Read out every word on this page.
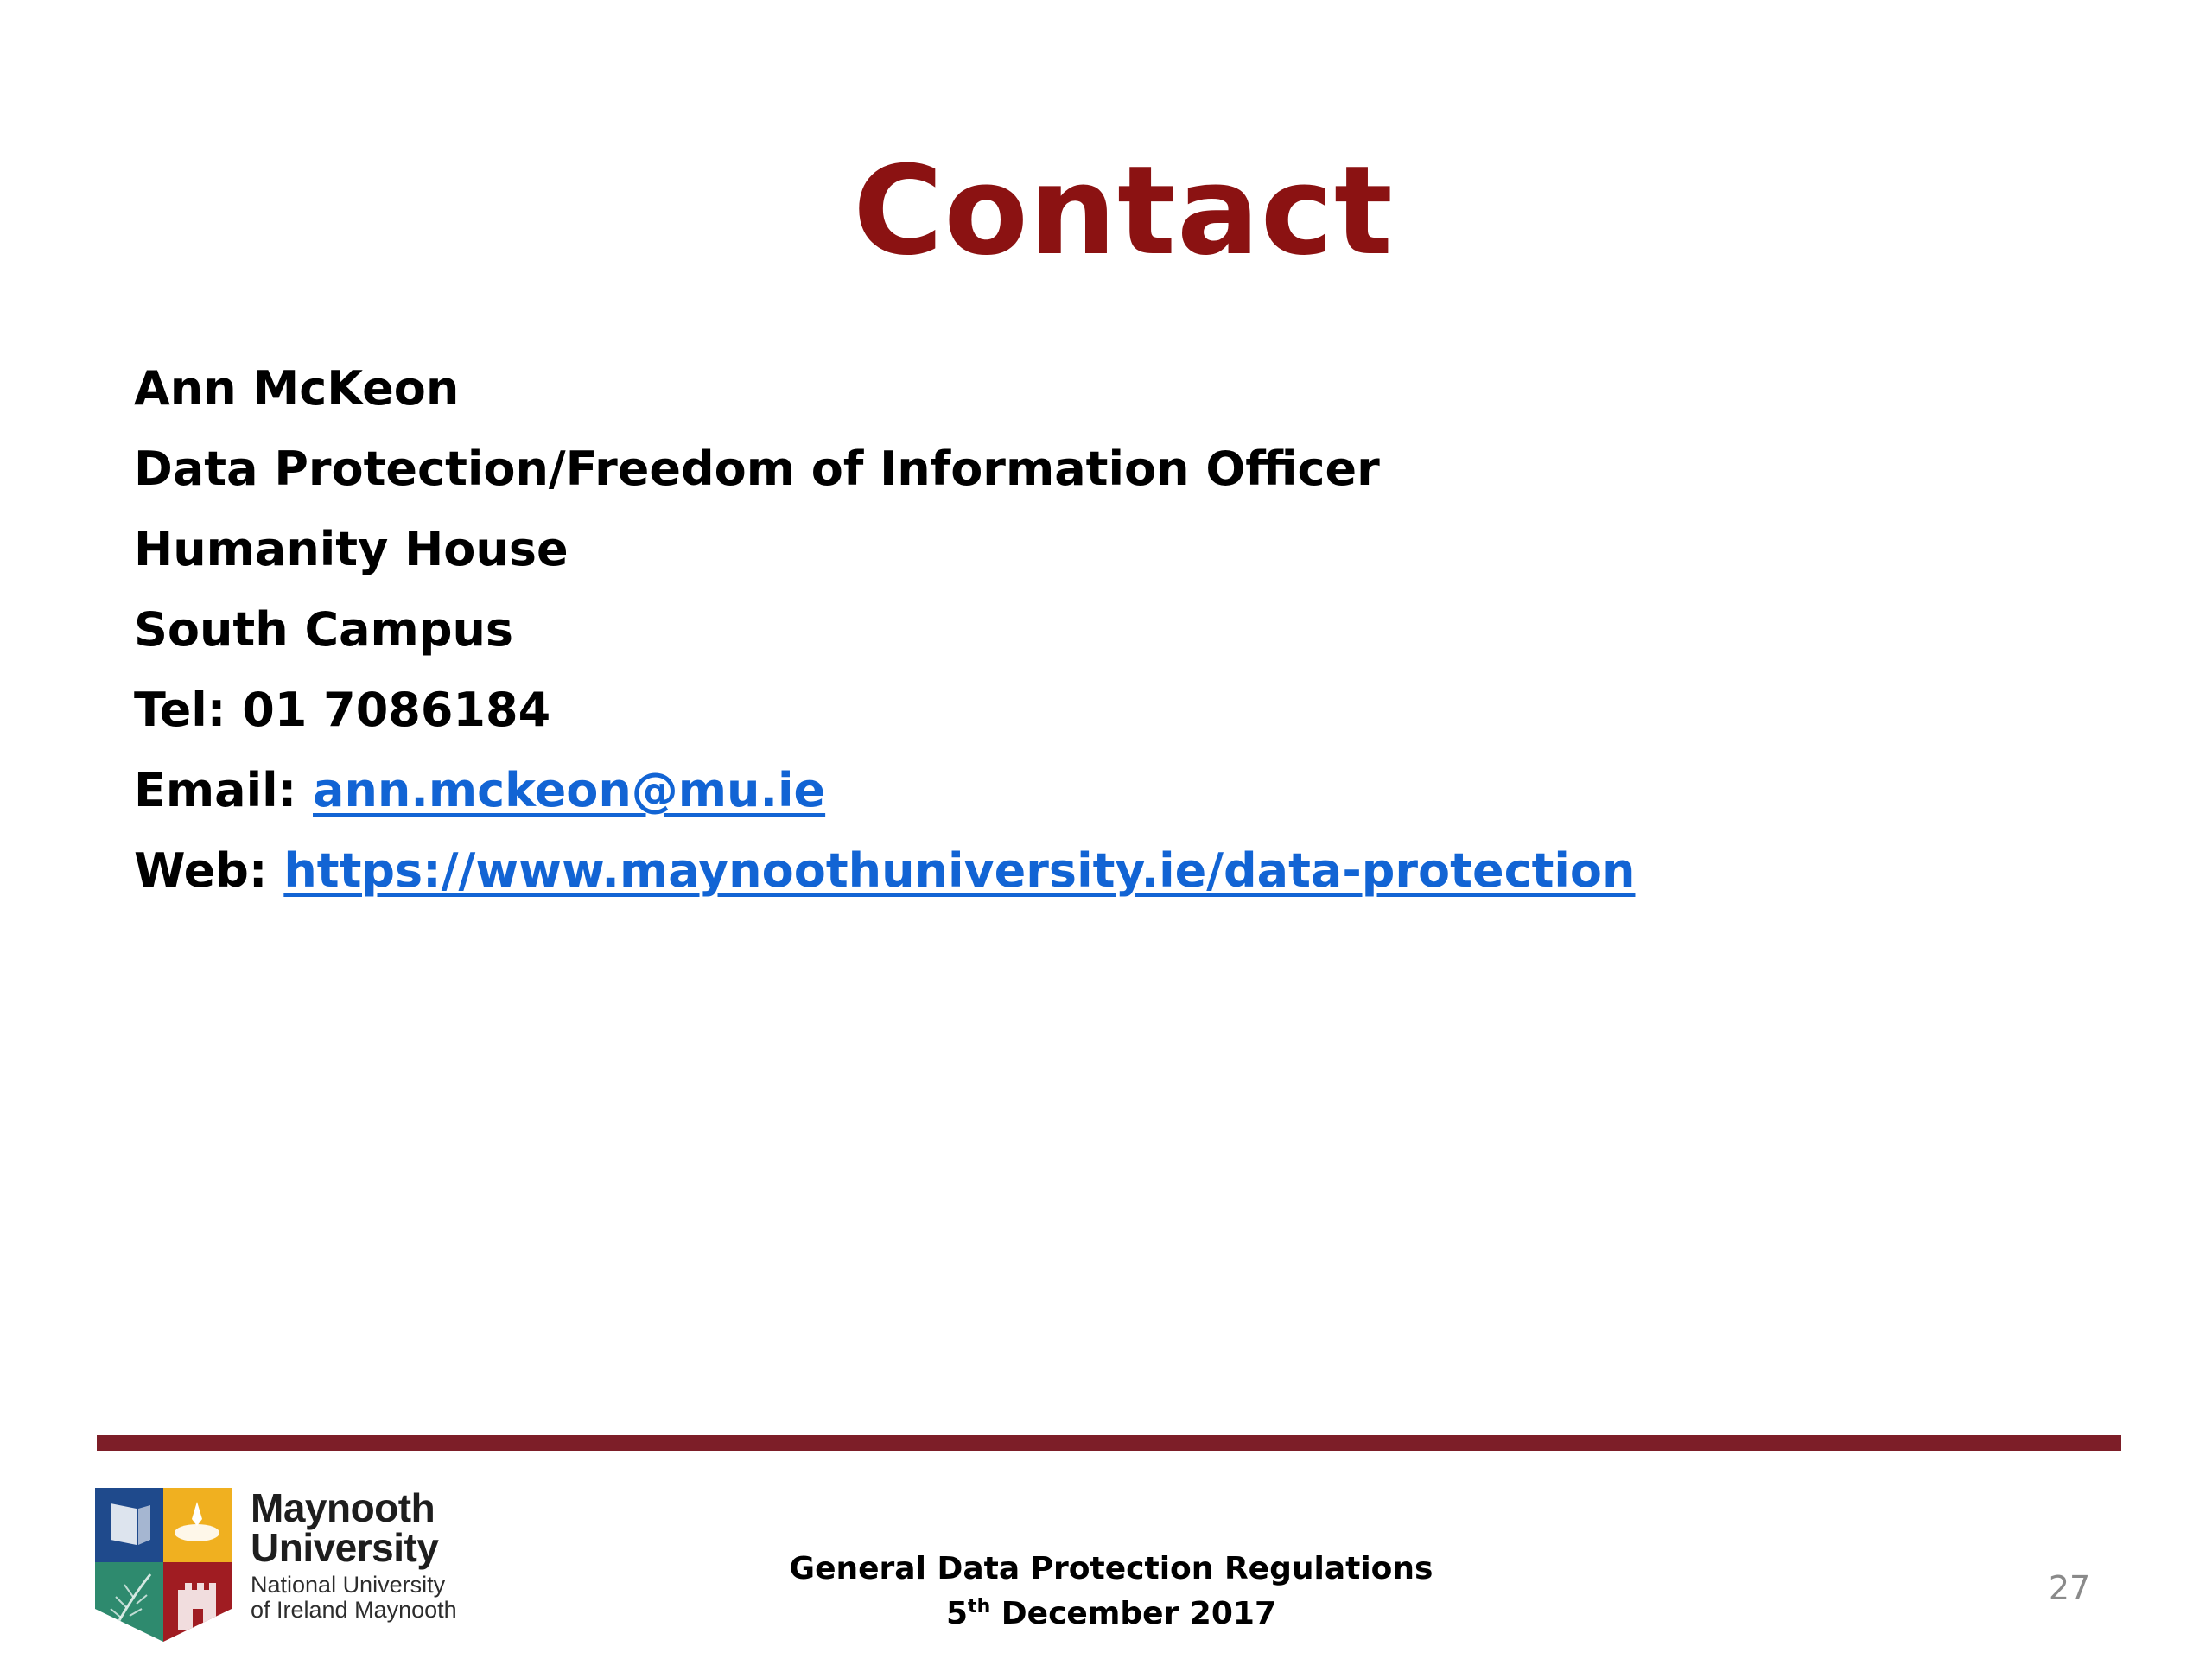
Contact
Ann McKeon
Data Protection/Freedom of Information Officer
Humanity House
South Campus
Tel: 01 7086184
Email: ann.mckeon@mu.ie
Web: https://www.maynoothuniversity.ie/data-protection
Maynooth
University
National University
of Ireland Maynooth
General Data Protection Regulations
5th December 2017
27
